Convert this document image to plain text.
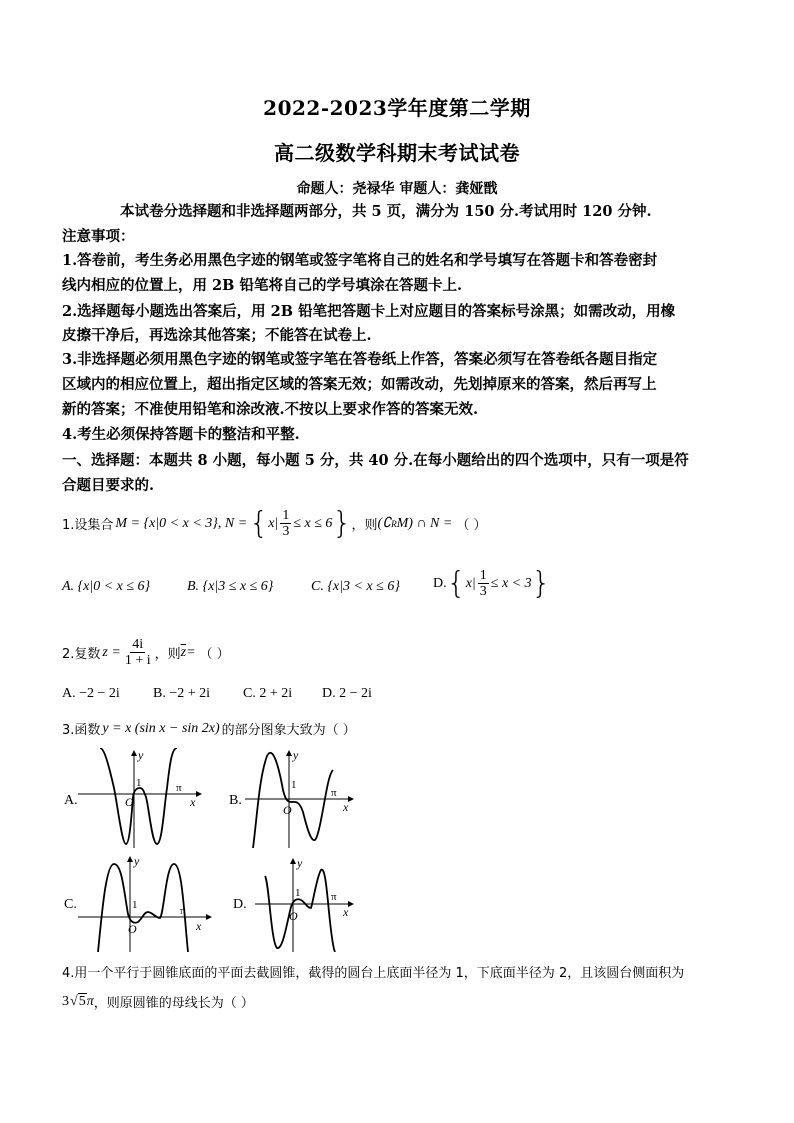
2022-2023学年度第二学期
高二级数学科期末考试试卷
命题人：尧禄华 审题人：龚娅戬
本试卷分选择题和非选择题两部分，共 5 页，满分为 150 分.考试用时 120 分钟.
注意事项：
1.答卷前，考生务必用黑色字迹的钢笔或签字笔将自己的姓名和学号填写在答题卡和答卷密封
线内相应的位置上，用 2B 铅笔将自己的学号填涂在答题卡上.
2.选择题每小题选出答案后，用 2B 铅笔把答题卡上对应题目的答案标号涂黑；如需改动，用橡
皮擦干净后，再选涂其他答案；不能答在试卷上.
3.非选择题必须用黑色字迹的钢笔或签字笔在答卷纸上作答，答案必须写在答卷纸各题目指定
区域内的相应位置上，超出指定区域的答案无效；如需改动，先划掉原来的答案，然后再写上
新的答案；不准使用铅笔和涂改液.不按以上要求作答的答案无效.
4.考生必须保持答题卡的整洁和平整.
一、选择题：本题共 8 小题，每小题 5 分，共 40 分.在每小题给出的四个选项中，只有一项是符
合题目要求的.
1.设集合 M = {x|0 < x < 3} , N = { $x| \frac{1}{3} \le x \le 6$ } ，则 (∁ R M) ∩ N = （ ）
A. {x|0 < x ≤ 6}	B. {x|3 ≤ x ≤ 6}	C. {x|3 < x ≤ 6} D. { $x| \frac{1}{3} \le x < 3$ }
2.复数 $z = \frac{4i}{1 + i}$ ，则 $\overline{z}$ = （ ）
A. −2 − 2i B. −2 + 2i C. 2 + 2i D. 2 − 2i
3.函数 y = x (sin x − sin 2x) 的部分图象大致为（ ）
A.	B.
C.	D.
1
O
π
x
y
1
O
π
x
y
1
O
π
x
y
1
O
π
x
y
4.用一个平行于圆锥底面的平面去截圆锥，截得的圆台上底面半径为 1，下底面半径为 2，且该圆台侧面积为
3 √ 5 π ，则原圆锥的母线长为（ ）
